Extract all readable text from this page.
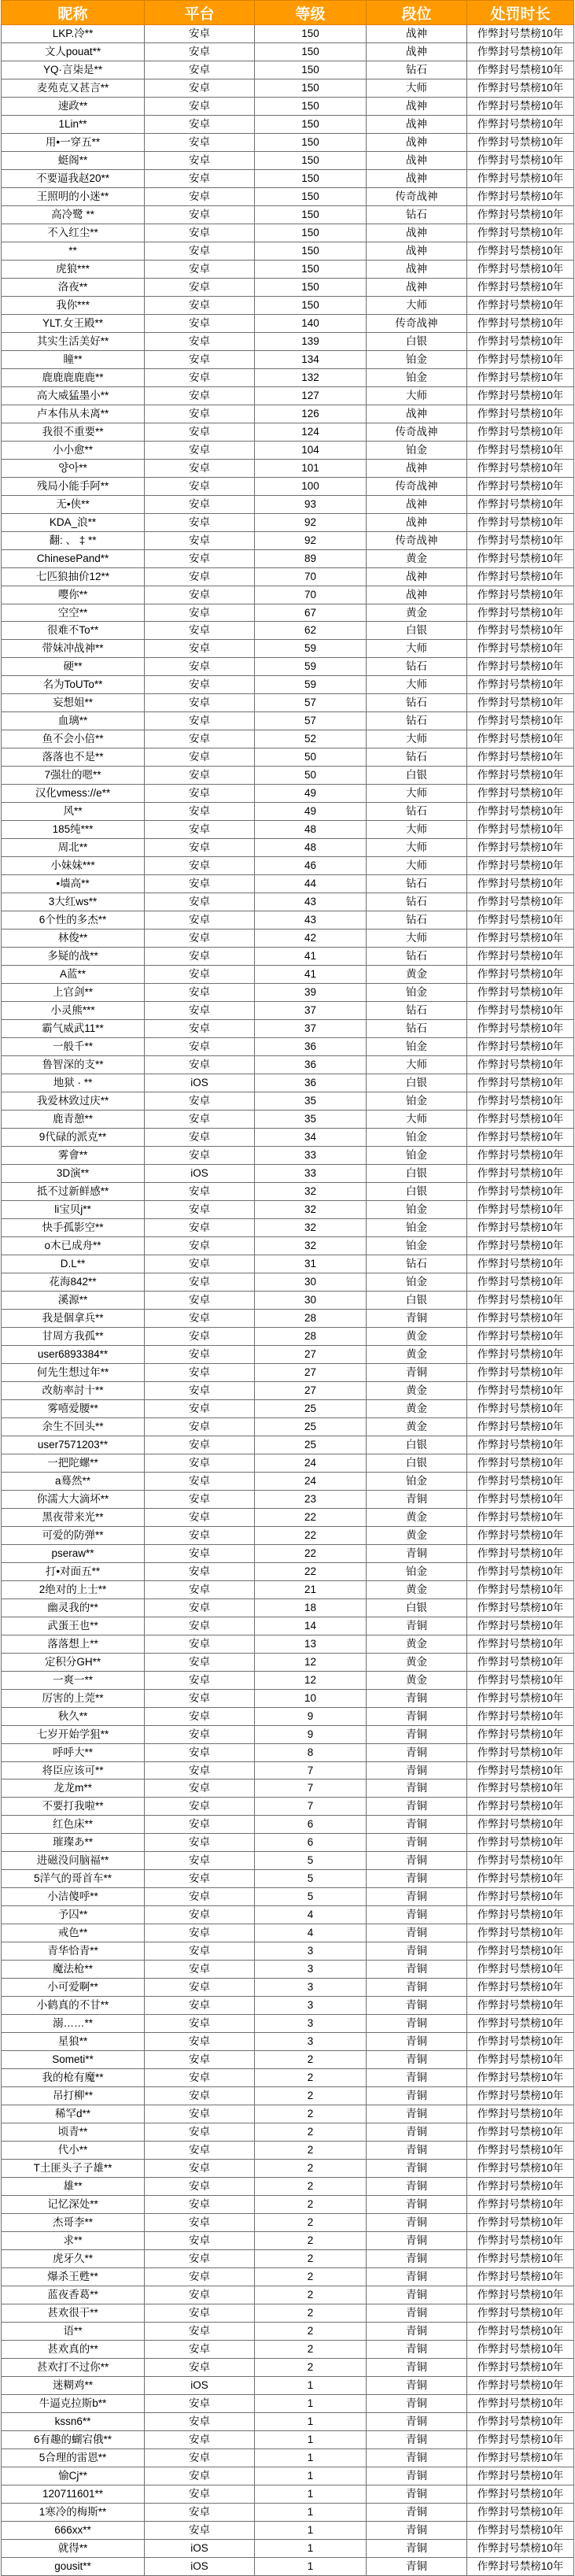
昵称	平台	等级	段位	处罚时长
LKP.冷**	安卓	150	战神	作弊封号禁榜10年
文人pouat**	安卓	150	战神	作弊封号禁榜10年
YQ·言柒是**	安卓	150	钻石	作弊封号禁榜10年
麦苑克又甚言**	安卓	150	大师	作弊封号禁榜10年
速政**	安卓	150	战神	作弊封号禁榜10年
1Lin**	安卓	150	战神	作弊封号禁榜10年
用•一穿五**	安卓	150	战神	作弊封号禁榜10年
蜓阁**	安卓	150	战神	作弊封号禁榜10年
不要逼我赵20**	安卓	150	战神	作弊封号禁榜10年
王照明的小迷**	安卓	150	传奇战神	作弊封号禁榜10年
高冷鹭 **	安卓	150	钻石	作弊封号禁榜10年
不入红尘**	安卓	150	战神	作弊封号禁榜10年
**	安卓	150	战神	作弊封号禁榜10年
虎狼***	安卓	150	战神	作弊封号禁榜10年
洛夜**	安卓	150	战神	作弊封号禁榜10年
我你***	安卓	150	大师	作弊封号禁榜10年
YLT.女王殿**	安卓	140	传奇战神	作弊封号禁榜10年
其实生活美好**	安卓	139	白银	作弊封号禁榜10年
瞳**	安卓	134	铂金	作弊封号禁榜10年
鹿鹿鹿鹿鹿**	安卓	132	铂金	作弊封号禁榜10年
高大威猛墨小**	安卓	127	大师	作弊封号禁榜10年
卢本伟从未离**	安卓	126	战神	作弊封号禁榜10年
我很不重要**	安卓	124	传奇战神	作弊封号禁榜10年
小小愈**	安卓	104	铂金	作弊封号禁榜10年
양아**	安卓	101	战神	作弊封号禁榜10年
残局小能手阿**	安卓	100	传奇战神	作弊封号禁榜10年
无•侠**	安卓	93	战神	作弊封号禁榜10年
KDA_浪**	安卓	92	战神	作弊封号禁榜10年
翻: 、 ‡ **	安卓	92	传奇战神	作弊封号禁榜10年
ChinesePand**	安卓	89	黄金	作弊封号禁榜10年
七匹狼抽价12**	安卓	70	战神	作弊封号禁榜10年
嘤你**	安卓	70	战神	作弊封号禁榜10年
空空**	安卓	67	黄金	作弊封号禁榜10年
很难不To**	安卓	62	白银	作弊封号禁榜10年
带妹冲战神**	安卓	59	大师	作弊封号禁榜10年
硬**	安卓	59	钻石	作弊封号禁榜10年
名为ToUTo**	安卓	59	大师	作弊封号禁榜10年
妄想姐**	安卓	57	钻石	作弊封号禁榜10年
血璃**	安卓	57	钻石	作弊封号禁榜10年
鱼不会小倍**	安卓	52	大师	作弊封号禁榜10年
落落也不是**	安卓	50	钻石	作弊封号禁榜10年
7强壮的嗯**	安卓	50	白银	作弊封号禁榜10年
汉化vmess://e**	安卓	49	大师	作弊封号禁榜10年
风**	安卓	49	钻石	作弊封号禁榜10年
185纯***	安卓	48	大师	作弊封号禁榜10年
周北**	安卓	48	大师	作弊封号禁榜10年
小妹妹***	安卓	46	大师	作弊封号禁榜10年
•墙高**	安卓	44	钻石	作弊封号禁榜10年
3大红ws**	安卓	43	钻石	作弊封号禁榜10年
6个性的多杰**	安卓	43	钻石	作弊封号禁榜10年
林俊**	安卓	42	大师	作弊封号禁榜10年
多疑的战**	安卓	41	钻石	作弊封号禁榜10年
A蓝**	安卓	41	黄金	作弊封号禁榜10年
上官剑**	安卓	39	铂金	作弊封号禁榜10年
小灵熊***	安卓	37	钻石	作弊封号禁榜10年
霸气威武11**	安卓	37	钻石	作弊封号禁榜10年
一般千**	安卓	36	铂金	作弊封号禁榜10年
鲁智深的支**	安卓	36	大师	作弊封号禁榜10年
地狱 · **	iOS	36	白银	作弊封号禁榜10年
我爱林致过庆**	安卓	35	铂金	作弊封号禁榜10年
鹿青憩**	安卓	35	大师	作弊封号禁榜10年
9代碌的派克**	安卓	34	铂金	作弊封号禁榜10年
雾會**	安卓	33	铂金	作弊封号禁榜10年
3D演**	iOS	33	白银	作弊封号禁榜10年
抵不过新鲜感**	安卓	32	白银	作弊封号禁榜10年
li宝贝j**	安卓	32	铂金	作弊封号禁榜10年
快手孤影空**	安卓	32	铂金	作弊封号禁榜10年
o木已成舟**	安卓	32	铂金	作弊封号禁榜10年
D.L**	安卓	31	钻石	作弊封号禁榜10年
花海842**	安卓	30	铂金	作弊封号禁榜10年
溪源**	安卓	30	白银	作弊封号禁榜10年
我是個拿兵**	安卓	28	青铜	作弊封号禁榜10年
甘周方我孤**	安卓	28	黄金	作弊封号禁榜10年
user6893384**	安卓	27	黄金	作弊封号禁榜10年
何先生想过年**	安卓	27	青铜	作弊封号禁榜10年
改舫率討十**	安卓	27	黄金	作弊封号禁榜10年
雾嘻爱腰**	安卓	25	黄金	作弊封号禁榜10年
余生不回头**	安卓	25	黄金	作弊封号禁榜10年
user7571203**	安卓	25	白银	作弊封号禁榜10年
一把陀螺**	安卓	24	白银	作弊封号禁榜10年
a蓦然**	安卓	24	铂金	作弊封号禁榜10年
你濡大大滴坏**	安卓	23	青铜	作弊封号禁榜10年
黑夜带来光**	安卓	22	黄金	作弊封号禁榜10年
可爱的防弹**	安卓	22	黄金	作弊封号禁榜10年
pseraw**	安卓	22	青铜	作弊封号禁榜10年
打•对面五**	安卓	22	铂金	作弊封号禁榜10年
2绝对的上士**	安卓	21	黄金	作弊封号禁榜10年
幽灵我的**	安卓	18	白银	作弊封号禁榜10年
武蛋王也**	安卓	14	青铜	作弊封号禁榜10年
落落想上**	安卓	13	黄金	作弊封号禁榜10年
定积分GH**	安卓	12	黄金	作弊封号禁榜10年
一爽一**	安卓	12	黄金	作弊封号禁榜10年
厉害的上莞**	安卓	10	青铜	作弊封号禁榜10年
秋久**	安卓	9	青铜	作弊封号禁榜10年
七岁开始学狙**	安卓	9	青铜	作弊封号禁榜10年
呼呼大**	安卓	8	青铜	作弊封号禁榜10年
将臣应该可**	安卓	7	青铜	作弊封号禁榜10年
龙龙m**	安卓	7	青铜	作弊封号禁榜10年
不要打我啦**	安卓	7	青铜	作弊封号禁榜10年
红色床**	安卓	6	青铜	作弊封号禁榜10年
璀璨あ**	安卓	6	青铜	作弊封号禁榜10年
进磁没问脑福**	安卓	5	青铜	作弊封号禁榜10年
5洋气的哥首车**	安卓	5	青铜	作弊封号禁榜10年
小洁傻呼**	安卓	5	青铜	作弊封号禁榜10年
予囚**	安卓	4	青铜	作弊封号禁榜10年
戒色**	安卓	4	青铜	作弊封号禁榜10年
青华恰青**	安卓	3	青铜	作弊封号禁榜10年
魔法枪**	安卓	3	青铜	作弊封号禁榜10年
小可爱啊**	安卓	3	青铜	作弊封号禁榜10年
小鹤真的不甘**	安卓	3	青铜	作弊封号禁榜10年
溺……**	安卓	3	青铜	作弊封号禁榜10年
星狼**	安卓	3	青铜	作弊封号禁榜10年
Someti**	安卓	2	青铜	作弊封号禁榜10年
我的枪有魔**	安卓	2	青铜	作弊封号禁榜10年
吊打柳**	安卓	2	青铜	作弊封号禁榜10年
稀罕d**	安卓	2	青铜	作弊封号禁榜10年
顷青**	安卓	2	青铜	作弊封号禁榜10年
代小**	安卓	2	青铜	作弊封号禁榜10年
T土匪头子子雄**	安卓	2	青铜	作弊封号禁榜10年
雄**	安卓	2	青铜	作弊封号禁榜10年
记忆深处**	安卓	2	青铜	作弊封号禁榜10年
杰哥李**	安卓	2	青铜	作弊封号禁榜10年
求**	安卓	2	青铜	作弊封号禁榜10年
虎牙久**	安卓	2	青铜	作弊封号禁榜10年
爆杀王甦**	安卓	2	青铜	作弊封号禁榜10年
蓝夜香葛**	安卓	2	青铜	作弊封号禁榜10年
甚欢很干**	安卓	2	青铜	作弊封号禁榜10年
语**	安卓	2	青铜	作弊封号禁榜10年
甚欢真的**	安卓	2	青铜	作弊封号禁榜10年
甚欢打不过你**	安卓	2	青铜	作弊封号禁榜10年
迷糊鸡**	iOS	1	青铜	作弊封号禁榜10年
牛逼克拉斯b**	安卓	1	青铜	作弊封号禁榜10年
kssn6**	安卓	1	青铜	作弊封号禁榜10年
6有趣的蝴宕俄**	安卓	1	青铜	作弊封号禁榜10年
5合理的雷恩**	安卓	1	青铜	作弊封号禁榜10年
愉Cj**	安卓	1	青铜	作弊封号禁榜10年
120711601**	安卓	1	青铜	作弊封号禁榜10年
1寒冷的梅斯**	安卓	1	青铜	作弊封号禁榜10年
666xx**	安卓	1	青铜	作弊封号禁榜10年
就得**	iOS	1	青铜	作弊封号禁榜10年
gousit**	iOS	1	青铜	作弊封号禁榜10年
